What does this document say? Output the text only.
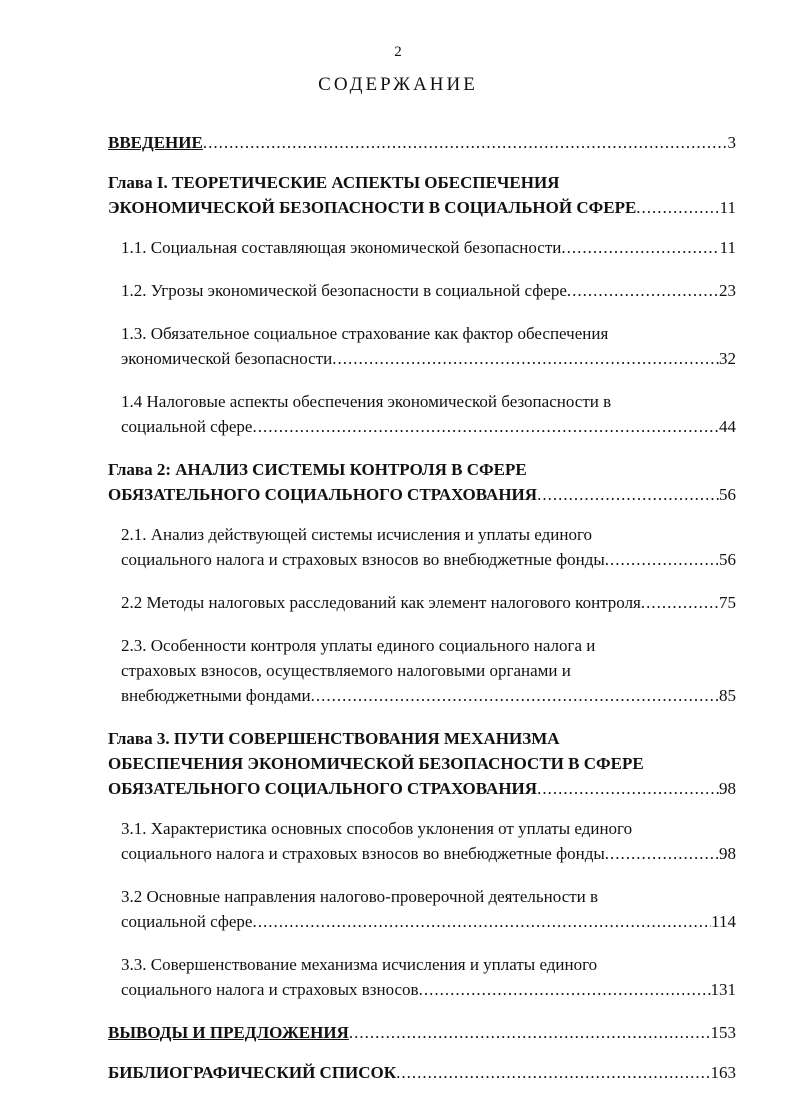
2
СОДЕРЖАНИЕ
ВВЕДЕНИЕ .....	3
Глава I. ТЕОРЕТИЧЕСКИЕ АСПЕКТЫ ОБЕСПЕЧЕНИЯ
ЭКОНОМИЧЕСКОЙ БЕЗОПАСНОСТИ В СОЦИАЛЬНОЙ СФЕРЕ .....	11
1.1. Социальная составляющая экономической безопасности .....	11
1.2. Угрозы экономической безопасности в социальной сфере .....	23
1.3. Обязательное социальное страхование как фактор обеспечения
экономической безопасности .....	32
1.4 Налоговые аспекты обеспечения экономической безопасности в
социальной сфере .....	44
Глава 2: АНАЛИЗ СИСТЕМЫ КОНТРОЛЯ В СФЕРЕ
ОБЯЗАТЕЛЬНОГО СОЦИАЛЬНОГО СТРАХОВАНИЯ .....	56
2.1. Анализ действующей системы исчисления и уплаты единого
социального налога и страховых взносов во внебюджетные фонды .....	56
2.2 Методы налоговых расследований как элемент налогового контроля .....	75
2.3. Особенности контроля уплаты единого социального налога и
страховых взносов, осуществляемого налоговыми органами и
внебюджетными фондами .....	85
Глава 3. ПУТИ СОВЕРШЕНСТВОВАНИЯ МЕХАНИЗМА
ОБЕСПЕЧЕНИЯ ЭКОНОМИЧЕСКОЙ БЕЗОПАСНОСТИ В СФЕРЕ
ОБЯЗАТЕЛЬНОГО СОЦИАЛЬНОГО СТРАХОВАНИЯ .....	98
3.1. Характеристика основных способов уклонения от уплаты единого
социального налога и страховых взносов во внебюджетные фонды .....	98
3.2 Основные направления налогово-проверочной деятельности в
социальной сфере .....	114
3.3. Совершенствование механизма исчисления и уплаты единого
социального налога и страховых взносов .....	131
ВЫВОДЫ И ПРЕДЛОЖЕНИЯ .....	153
БИБЛИОГРАФИЧЕСКИЙ СПИСОК .....	163
